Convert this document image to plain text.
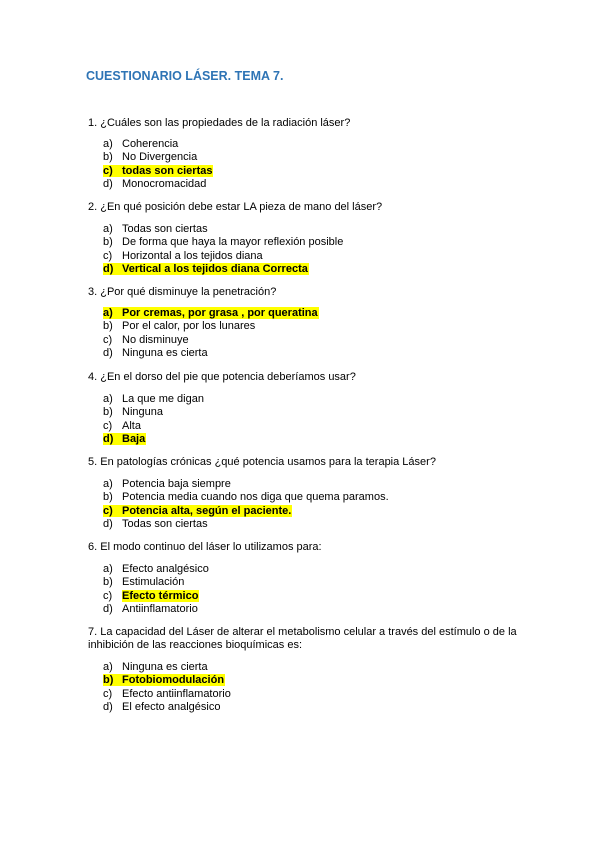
CUESTIONARIO LÁSER. TEMA 7.
1. ¿Cuáles son las propiedades de la radiación láser?
a) Coherencia
b) No Divergencia
c) todas son ciertas
d) Monocromacidad
2. ¿En qué posición debe estar LA pieza de mano del láser?
a) Todas son ciertas
b) De forma que haya la mayor reflexión posible
c) Horizontal a los tejidos diana
d) Vertical a los tejidos diana Correcta
3. ¿Por qué disminuye la penetración?
a) Por cremas, por grasa , por queratina
b) Por el calor, por los lunares
c) No disminuye
d) Ninguna es cierta
4. ¿En el dorso del pie que potencia deberíamos usar?
a) La que me digan
b) Ninguna
c) Alta
d) Baja
5. En patologías crónicas ¿qué potencia usamos para la terapia Láser?
a) Potencia baja siempre
b) Potencia media cuando nos diga que quema paramos.
c) Potencia alta, según el paciente.
d) Todas son ciertas
6. El modo continuo del láser lo utilizamos para:
a) Efecto analgésico
b) Estimulación
c) Efecto térmico
d) Antiinflamatorio
7. La capacidad del Láser de alterar el metabolismo celular a través del estímulo o de la inhibición de las reacciones bioquímicas es:
a) Ninguna es cierta
b) Fotobiomodulación
c) Efecto antiinflamatorio
d) El efecto analgésico
